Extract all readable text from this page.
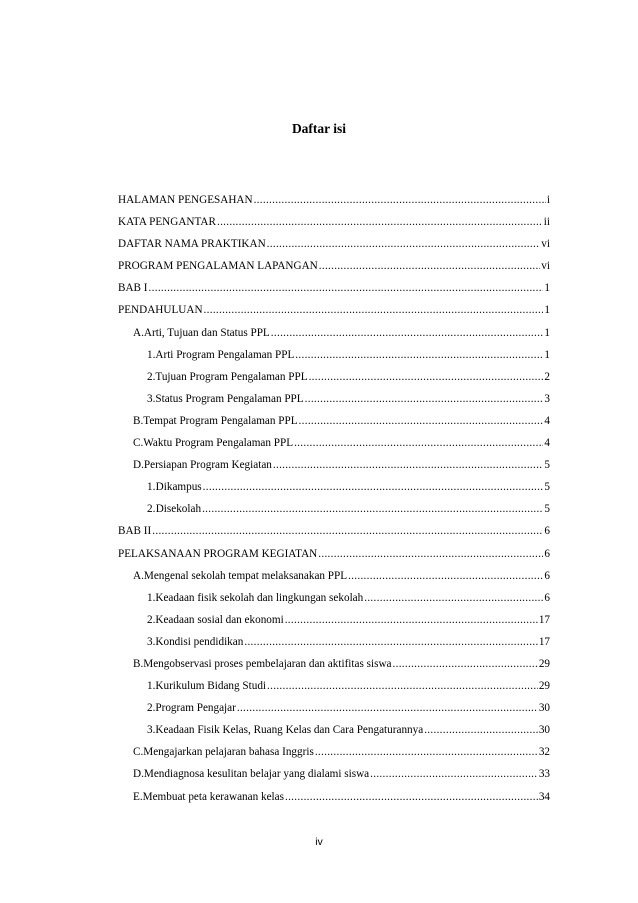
Daftar isi
HALAMAN PENGESAHAN .....	i
KATA PENGANTAR .....	ii
DAFTAR NAMA PRAKTIKAN .....	vi
PROGRAM PENGALAMAN LAPANGAN .....	vi
BAB I .....	1
PENDAHULUAN .....	1
A. Arti, Tujuan dan Status PPL .....	1
1. Arti Program Pengalaman PPL .....	1
2. Tujuan Program Pengalaman PPL .....	2
3. Status Program Pengalaman PPL .....	3
B. Tempat Program Pengalaman PPL .....	4
C. Waktu Program Pengalaman PPL .....	4
D. Persiapan Program Kegiatan .....	5
1. Dikampus .....	5
2. Disekolah .....	5
BAB II .....	6
PELAKSANAAN PROGRAM KEGIATAN .....	6
A. Mengenal sekolah tempat melaksanakan PPL .....	6
1. Keadaan fisik sekolah dan lingkungan sekolah .....	6
2. Keadaan sosial dan ekonomi .....	17
3. Kondisi pendidikan .....	17
B. Mengobservasi proses pembelajaran dan aktifitas siswa .....	29
1. Kurikulum Bidang Studi .....	29
2. Program Pengajar .....	30
3. Keadaan Fisik Kelas, Ruang Kelas dan Cara Pengaturannya .....	30
C. Mengajarkan pelajaran bahasa Inggris .....	32
D. Mendiagnosa kesulitan belajar yang dialami siswa .....	33
E. Membuat peta kerawanan kelas .....	34
iv
